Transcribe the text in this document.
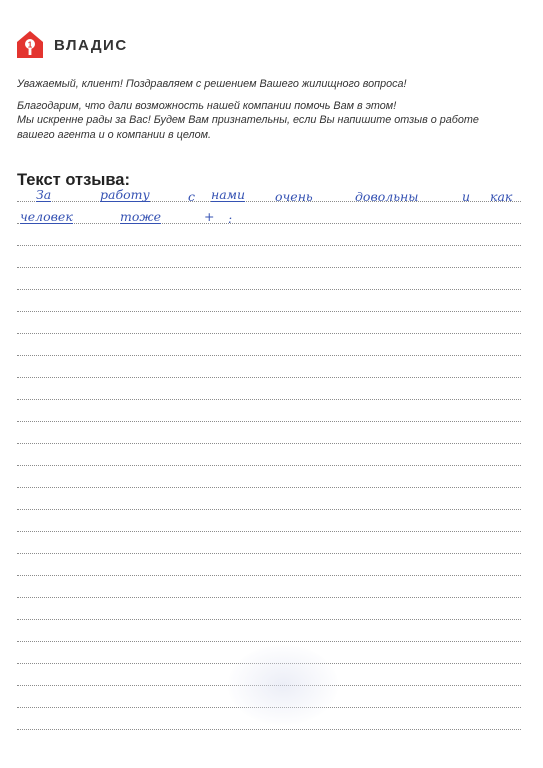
1 ВЛАДИС
Уважаемый, клиент! Поздравляем с решением Вашего жилищного вопроса!
Благодарим, что дали возможность нашей компании помочь Вам в этом!
Мы искренне рады за Вас! Будем Вам признательны, если Вы напишите отзыв о работе
вашего агента и о компании в целом.
Текст отзыва:
За	работу	с нами очень	довольны	и как
человек	тоже	+ :
